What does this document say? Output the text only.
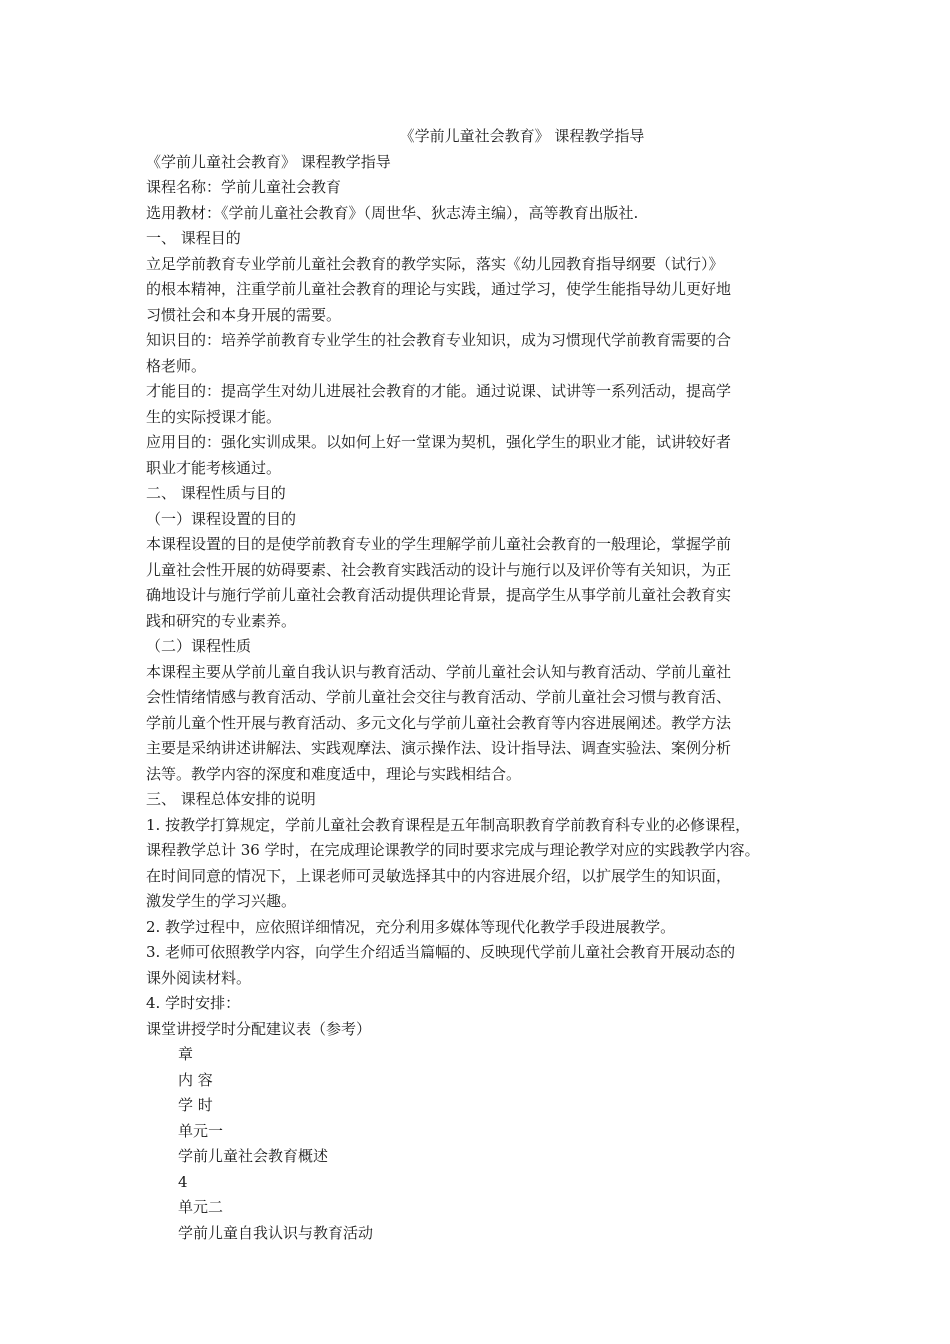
《学前儿童社会教育》 课程教学指导

《学前儿童社会教育》 课程教学指导

课程名称：学前儿童社会教育

选用教材：《学前儿童社会教育》（周世华、狄志涛主编），高等教育出版社.

一、 课程目的

立足学前教育专业学前儿童社会教育的教学实际，落实《幼儿园教育指导纲要（试行）》

的根本精神，注重学前儿童社会教育的理论与实践，通过学习，使学生能指导幼儿更好地

习惯社会和本身开展的需要。

知识目的：培养学前教育专业学生的社会教育专业知识，成为习惯现代学前教育需要的合

格老师。

才能目的：提高学生对幼儿进展社会教育的才能。通过说课、试讲等一系列活动，提高学

生的实际授课才能。

应用目的：强化实训成果。以如何上好一堂课为契机，强化学生的职业才能，试讲较好者

职业才能考核通过。

二、 课程性质与目的

（一）课程设置的目的

本课程设置的目的是使学前教育专业的学生理解学前儿童社会教育的一般理论，掌握学前

儿童社会性开展的妨碍要素、社会教育实践活动的设计与施行以及评价等有关知识，为正

确地设计与施行学前儿童社会教育活动提供理论背景，提高学生从事学前儿童社会教育实

践和研究的专业素养。

（二）课程性质

本课程主要从学前儿童自我认识与教育活动、学前儿童社会认知与教育活动、学前儿童社

会性情绪情感与教育活动、学前儿童社会交往与教育活动、学前儿童社会习惯与教育活、

学前儿童个性开展与教育活动、多元文化与学前儿童社会教育等内容进展阐述。教学方法

主要是采纳讲述讲解法、实践观摩法、演示操作法、设计指导法、调查实验法、案例分析

法等。教学内容的深度和难度适中，理论与实践相结合。

三、 课程总体安排的说明

1. 按教学打算规定，学前儿童社会教育课程是五年制高职教育学前教育科专业的必修课程，

课程教学总计 36 学时，在完成理论课教学的同时要求完成与理论教学对应的实践教学内容。

在时间同意的情况下，上课老师可灵敏选择其中的内容进展介绍，以扩展学生的知识面，

激发学生的学习兴趣。

2. 教学过程中，应依照详细情况，充分利用多媒体等现代化教学手段进展教学。

3. 老师可依照教学内容，向学生介绍适当篇幅的、反映现代学前儿童社会教育开展动态的

课外阅读材料。

4. 学时安排：

课堂讲授学时分配建议表（参考）

章

内 容

学 时

单元一

学前儿童社会教育概述

4

单元二

学前儿童自我认识与教育活动
